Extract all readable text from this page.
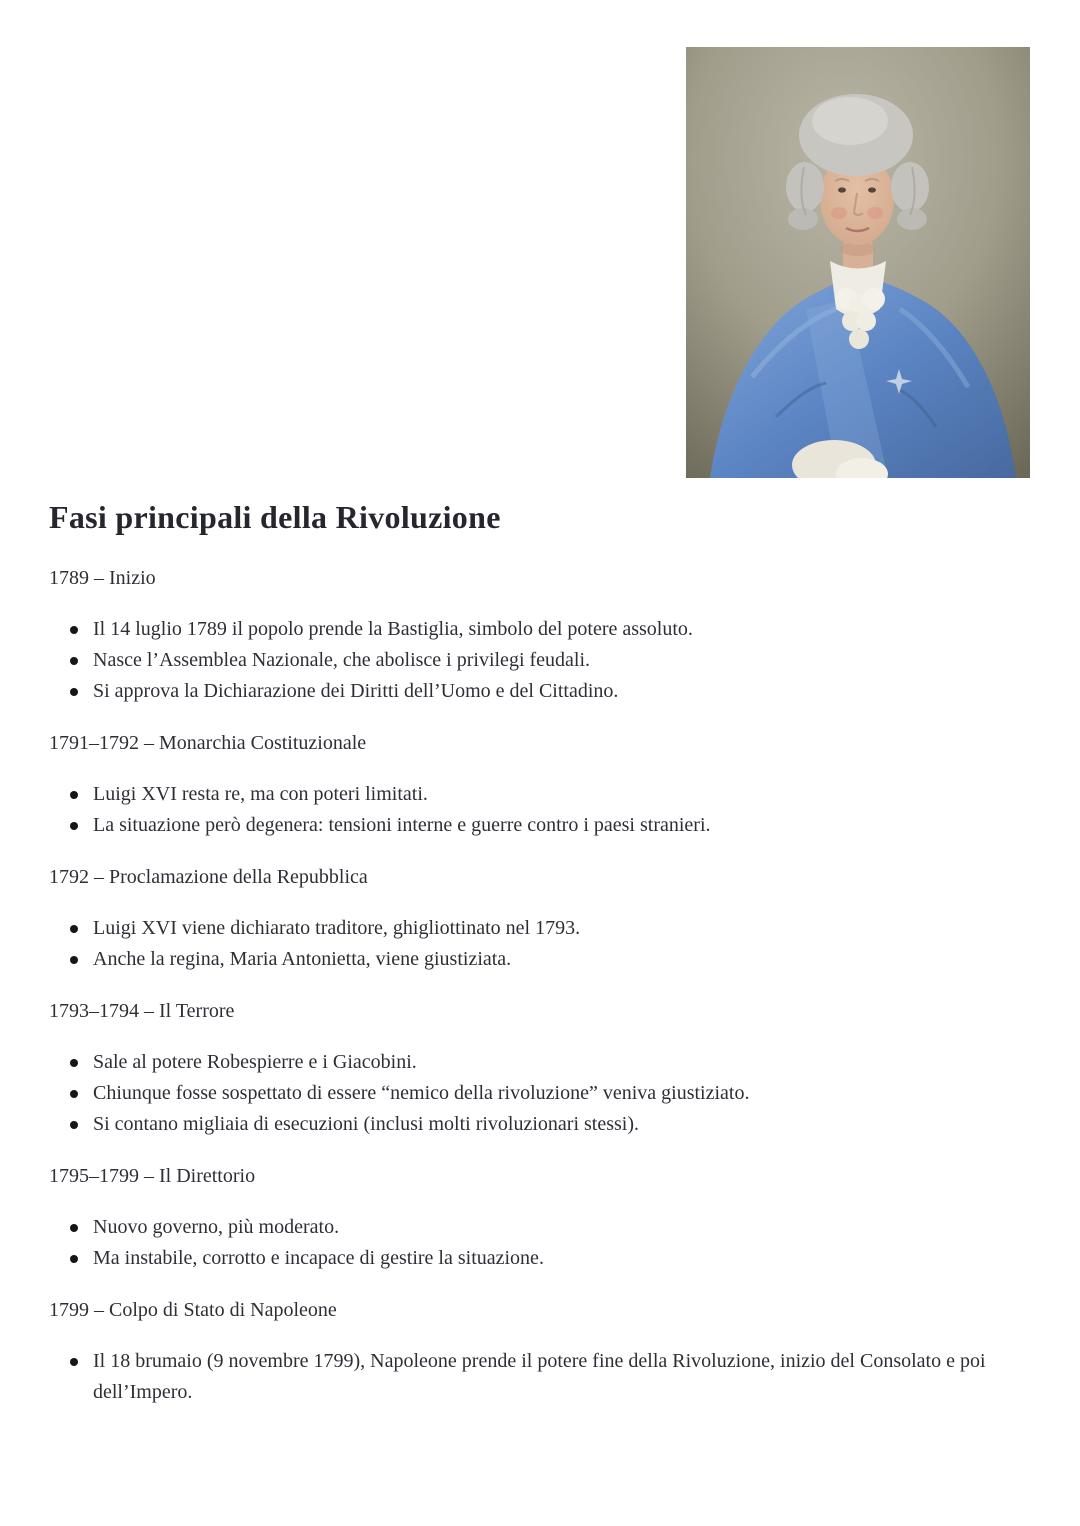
Fasi principali della Rivoluzione
1789 – Inizio
Il 14 luglio 1789 il popolo prende la Bastiglia, simbolo del potere assoluto.
Nasce l’Assemblea Nazionale, che abolisce i privilegi feudali.
Si approva la Dichiarazione dei Diritti dell’Uomo e del Cittadino.
1791–1792 – Monarchia Costituzionale
Luigi XVI resta re, ma con poteri limitati.
La situazione però degenera: tensioni interne e guerre contro i paesi stranieri.
1792 – Proclamazione della Repubblica
Luigi XVI viene dichiarato traditore, ghigliottinato nel 1793.
Anche la regina, Maria Antonietta, viene giustiziata.
1793–1794 – Il Terrore
Sale al potere Robespierre e i Giacobini.
Chiunque fosse sospettato di essere “nemico della rivoluzione” veniva giustiziato.
Si contano migliaia di esecuzioni (inclusi molti rivoluzionari stessi).
1795–1799 – Il Direttorio
Nuovo governo, più moderato.
Ma instabile, corrotto e incapace di gestire la situazione.
1799 – Colpo di Stato di Napoleone
Il 18 brumaio (9 novembre 1799), Napoleone prende il potere fine della Rivoluzione, inizio del Consolato e poi dell’Impero.
